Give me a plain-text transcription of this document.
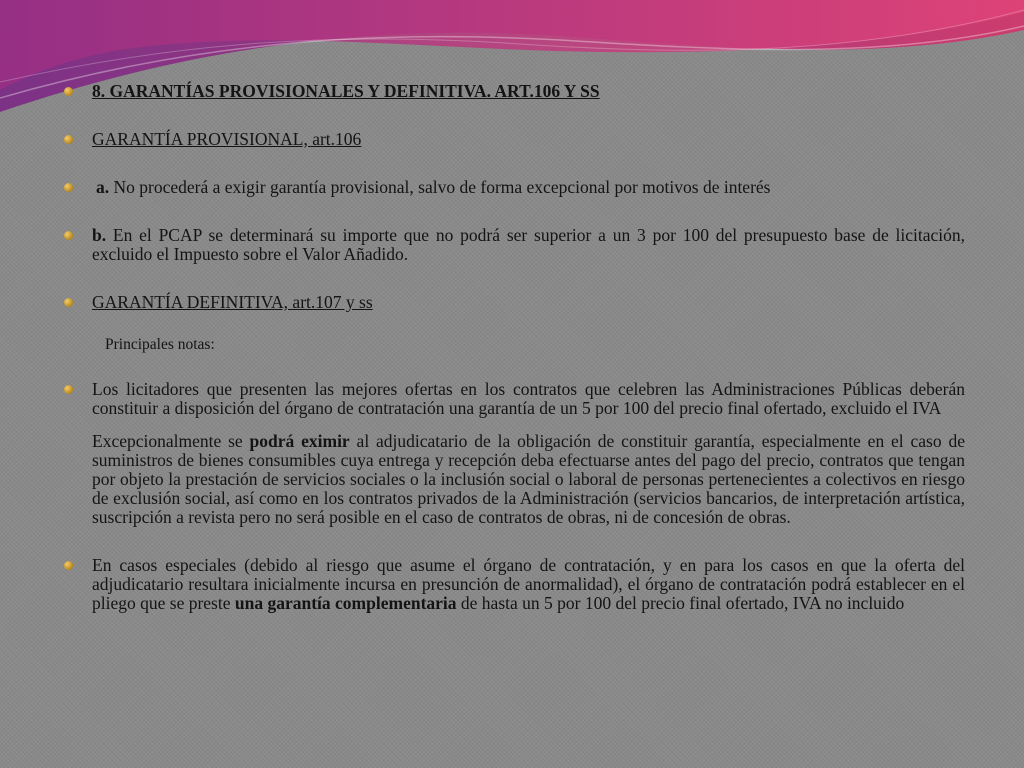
8. GARANTÍAS PROVISIONALES Y DEFINITIVA. ART.106 Y SS
GARANTÍA PROVISIONAL, art.106
a. No procederá a exigir garantía provisional, salvo de forma excepcional por motivos de interés
b. En el PCAP se determinará su importe que no podrá ser superior a un 3 por 100 del presupuesto base de licitación, excluido el Impuesto sobre el Valor Añadido.
GARANTÍA DEFINITIVA, art.107 y ss
Principales notas:
Los licitadores que presenten las mejores ofertas en los contratos que celebren las Administraciones Públicas deberán constituir a disposición del órgano de contratación una garantía de un 5 por 100 del precio final ofertado, excluido el IVA
Excepcionalmente se podrá eximir al adjudicatario de la obligación de constituir garantía, especialmente en el caso de suministros de bienes consumibles cuya entrega y recepción deba efectuarse antes del pago del precio, contratos que tengan por objeto la prestación de servicios sociales o la inclusión social o laboral de personas pertenecientes a colectivos en riesgo de exclusión social, así como en los contratos privados de la Administración (servicios bancarios, de interpretación artística, suscripción a revista pero no será posible en el caso de contratos de obras, ni de concesión de obras.
En casos especiales (debido al riesgo que asume el órgano de contratación, y en para los casos en que la oferta del adjudicatario resultara inicialmente incursa en presunción de anormalidad), el órgano de contratación podrá establecer en el pliego que se preste una garantía complementaria de hasta un 5 por 100 del precio final ofertado, IVA no incluido
